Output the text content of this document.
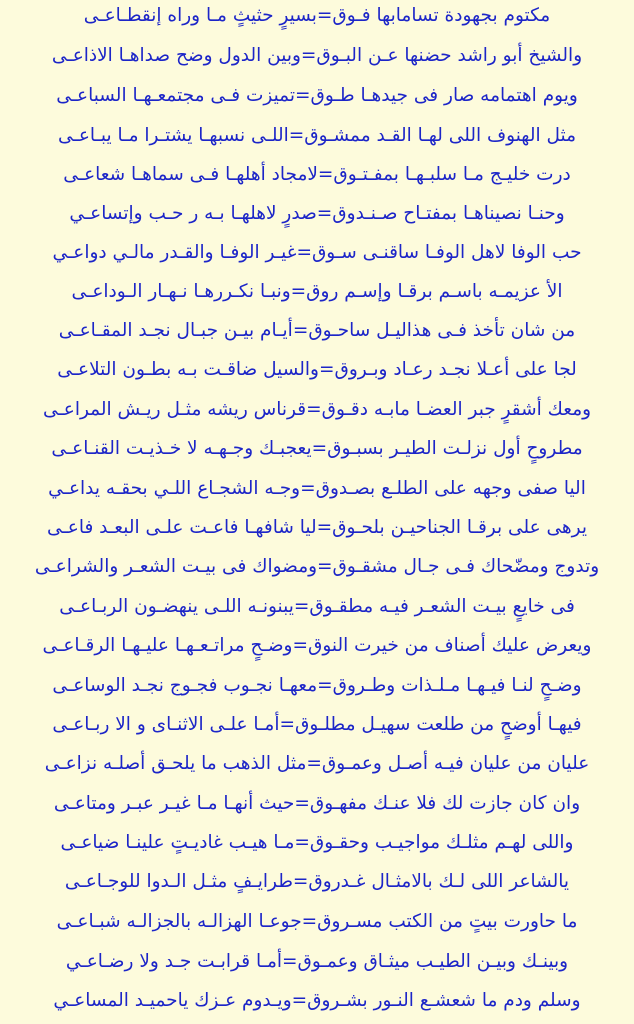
مكتوم بجهودة تساماب‍ها فـوق=بسيرٍ حثيثٍ مـا وراه إنقطـاعـى
والشيخ أبو راشد حضنها عـن البـوق=وبين الدول وضح صداهـا الاذاعـى
ويوم اهتمامه صار فى جيدهـا طـوق=تميزت فـى مجتمعـهـا السباعـى
مثل الهنوف اللى لهـا القـد ممشـوق=اللـى نسبهـا يشتـرا مـا يبـاعـى
درت خليـج مـا سلبـهـا بمفـتـوق=لامجاد أهلهـا فـى سماهـا شعاعـى
وحنـا نصيناهـا بمفتـاح صـنـدوق=صدرٍ لاهلهـا بـه ر حـب وإتساعـي
حب الوفا لاهل الوفـا ساقنـى سـوق=غيـر الوفـا والقـدر مالـي دواعـي
الأ عزيمـه باسـم برقـا وإسـم روق=ونبـا نكـررهـا نـهـار الـوداعـى
من شان تأخذ فـى هذاليـل ساحـوق=أيـام بيـن جبـال نجـد المقـاعـى
لجا على أعـلا نجـد رعـاد وبـروق=والسيل ضاقـت بـه بطـون التلاعـى
ومعك أشقرٍ جبر العضـا مابـه دقـوق=قرناس ريشه مثـل ريـش المراعـى
مطروحٍ أول نزلـت الطيـر بسبـوق=يعجبـك وجـهـه لا خـذيـت القنـاعـى
اليا صفى وجهه على الطلـع بصـدوق=وجـه الشجـاع اللـي بحقـه يداعـي
يرهى على برقـا الجناحيـن بلحـوق=ليا شافهـا فاعـت علـى البعـد فاعـى
وتدوج ومضّحاك فـى جـال مشقـوق=ومضواك فى بيـت الشعـر والشراعـى
فى خايعٍ بيـت الشعـر فيـه مطقـوق=يبنونـه اللـى ينهضـون الربـاعـى
ويعرض عليك أصناف من خيرت النوق=وضـحٍ مراتـعـهـا عليـهـا الرقـاعـى
وضـحٍ لنـا فيـهـا مـلـذات وطـروق=معهـا نجـوب فجـوج نجـد الوساعـى
فيهـا أوضحٍ من طلعت سهيـل مطلـوق=أمـا علـى الاثنـاى و الا ربـاعـى
عليان من عليان فيـه أصـل وعمـوق=مثل الذهب ما يلحـق أصلـه نزاعـى
وان كان جازت لك فلا عنـك مفهـوق=حيث أنهـا مـا غيـر عبـر ومتاعـى
واللى لهـم مثلـك مواجيـب وحقـوق=مـا هيـب غاديـتٍ علينـا ضياعـى
يالشاعر اللى لـك بالامثـال غـدروق=طرايـفٍ مثـل الـدوا للوجـاعـى
ما حاورت بيتٍ من الكتب مسـروق=جوعـا الهزالـه بالجزالـه شبـاعـى
وبينـك وبيـن الطيـب ميثـاق وعمـوق=أمـا قرابـت جـد ولا رضـاعـي
وسلم ودم ما شعشـع النـور بشـروق=ويـدوم عـزك ياحميـد المساعـي
